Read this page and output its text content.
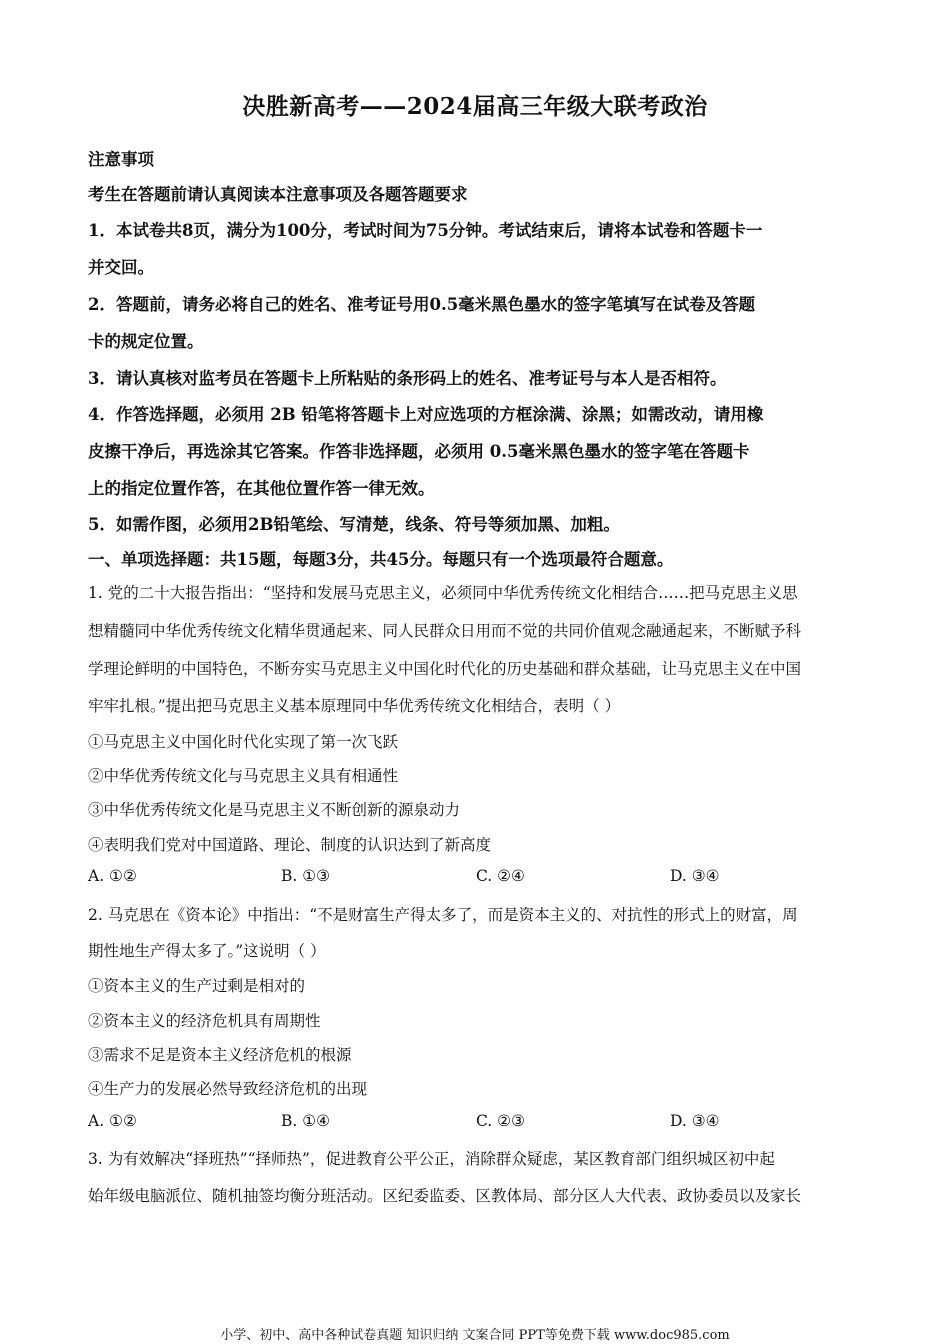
决胜新高考——2024届高三年级大联考政治
注意事项
考生在答题前请认真阅读本注意事项及各题答题要求
1．本试卷共8页，满分为100分，考试时间为75分钟。考试结束后，请将本试卷和答题卡一
并交回。
2．答题前，请务必将自己的姓名、准考证号用0.5毫米黑色墨水的签字笔填写在试卷及答题
卡的规定位置。
3．请认真核对监考员在答题卡上所粘贴的条形码上的姓名、准考证号与本人是否相符。
4．作答选择题，必须用 2B 铅笔将答题卡上对应选项的方框涂满、涂黑；如需改动，请用橡
皮擦干净后，再选涂其它答案。作答非选择题，必须用 0.5毫米黑色墨水的签字笔在答题卡
上的指定位置作答，在其他位置作答一律无效。
5．如需作图，必须用2B铅笔绘、写清楚，线条、符号等须加黑、加粗。
一、单项选择题：共15题，每题3分，共45分。每题只有一个选项最符合题意。
1. 党的二十大报告指出：“坚持和发展马克思主义，必须同中华优秀传统文化相结合……把马克思主义思
想精髓同中华优秀传统文化精华贯通起来、同人民群众日用而不觉的共同价值观念融通起来，不断赋予科
学理论鲜明的中国特色，不断夯实马克思主义中国化时代化的历史基础和群众基础，让马克思主义在中国
牢牢扎根。”提出把马克思主义基本原理同中华优秀传统文化相结合，表明（ ）
①马克思主义中国化时代化实现了第一次飞跃
②中华优秀传统文化与马克思主义具有相通性
③中华优秀传统文化是马克思主义不断创新的源泉动力
④表明我们党对中国道路、理论、制度的认识达到了新高度
A. ①②	B. ①③	C. ②④	D. ③④
2. 马克思在《资本论》中指出：“不是财富生产得太多了，而是资本主义的、对抗性的形式上的财富，周
期性地生产得太多了。”这说明（ ）
①资本主义的生产过剩是相对的
②资本主义的经济危机具有周期性
③需求不足是资本主义经济危机的根源
④生产力的发展必然导致经济危机的出现
A. ①②	B. ①④	C. ②③	D. ③④
3. 为有效解决“择班热”“择师热”，促进教育公平公正，消除群众疑虑，某区教育部门组织城区初中起
始年级电脑派位、随机抽签均衡分班活动。区纪委监委、区教体局、部分区人大代表、政协委员以及家长
小学、初中、高中各种试卷真题 知识归纳 文案合同 PPT等免费下载 www.doc985.com
